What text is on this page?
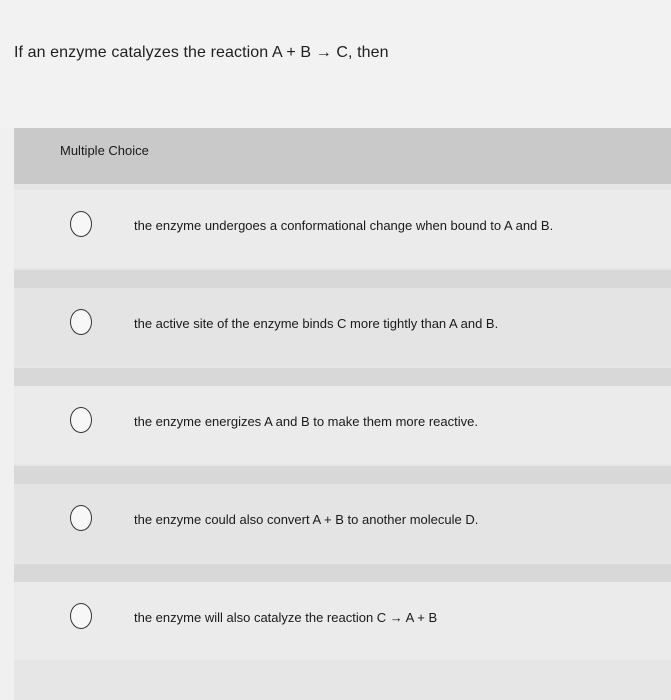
If an enzyme catalyzes the reaction A + B → C, then
Multiple Choice
the enzyme undergoes a conformational change when bound to A and B.
the active site of the enzyme binds C more tightly than A and B.
the enzyme energizes A and B to make them more reactive.
the enzyme could also convert A + B to another molecule D.
the enzyme will also catalyze the reaction C → A + B
